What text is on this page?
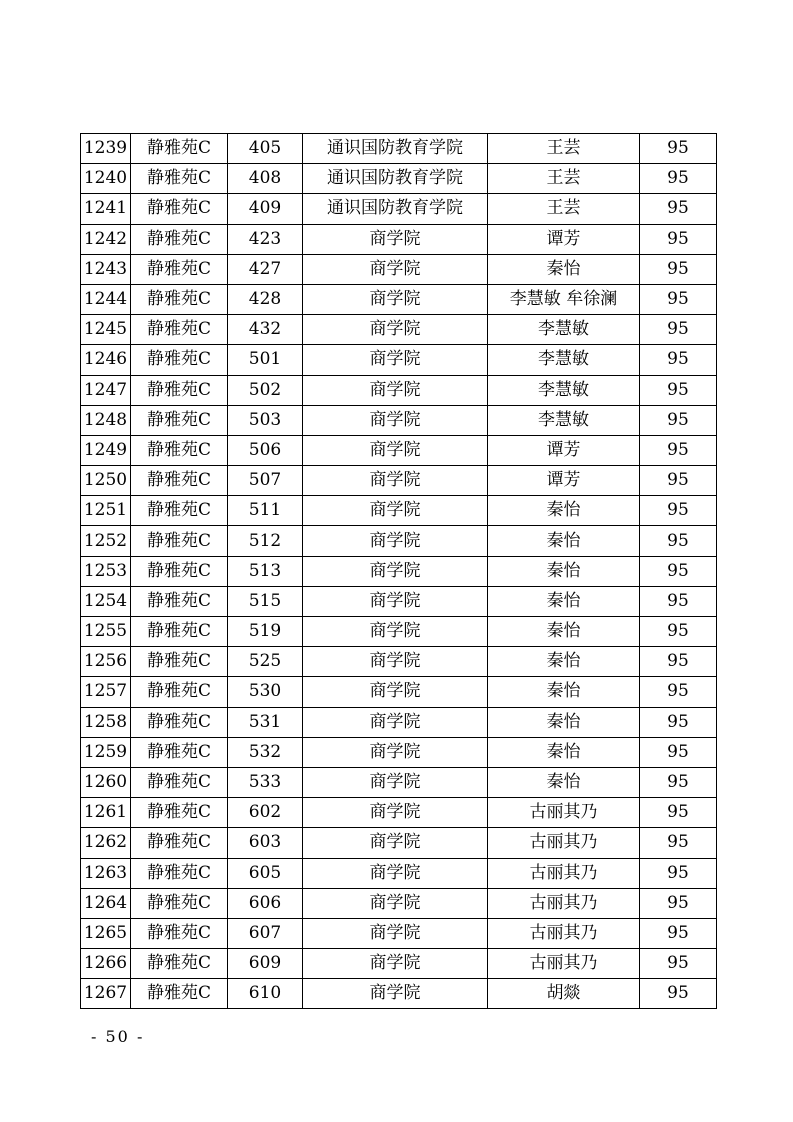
1239	静雅苑C	405	通识国防教育学院	王芸	95
1240	静雅苑C	408	通识国防教育学院	王芸	95
1241	静雅苑C	409	通识国防教育学院	王芸	95
1242	静雅苑C	423	商学院	谭芳	95
1243	静雅苑C	427	商学院	秦怡	95
1244	静雅苑C	428	商学院	李慧敏 牟徐澜	95
1245	静雅苑C	432	商学院	李慧敏	95
1246	静雅苑C	501	商学院	李慧敏	95
1247	静雅苑C	502	商学院	李慧敏	95
1248	静雅苑C	503	商学院	李慧敏	95
1249	静雅苑C	506	商学院	谭芳	95
1250	静雅苑C	507	商学院	谭芳	95
1251	静雅苑C	511	商学院	秦怡	95
1252	静雅苑C	512	商学院	秦怡	95
1253	静雅苑C	513	商学院	秦怡	95
1254	静雅苑C	515	商学院	秦怡	95
1255	静雅苑C	519	商学院	秦怡	95
1256	静雅苑C	525	商学院	秦怡	95
1257	静雅苑C	530	商学院	秦怡	95
1258	静雅苑C	531	商学院	秦怡	95
1259	静雅苑C	532	商学院	秦怡	95
1260	静雅苑C	533	商学院	秦怡	95
1261	静雅苑C	602	商学院	古丽其乃	95
1262	静雅苑C	603	商学院	古丽其乃	95
1263	静雅苑C	605	商学院	古丽其乃	95
1264	静雅苑C	606	商学院	古丽其乃	95
1265	静雅苑C	607	商学院	古丽其乃	95
1266	静雅苑C	609	商学院	古丽其乃	95
1267	静雅苑C	610	商学院	胡燚	95
- 50 -
